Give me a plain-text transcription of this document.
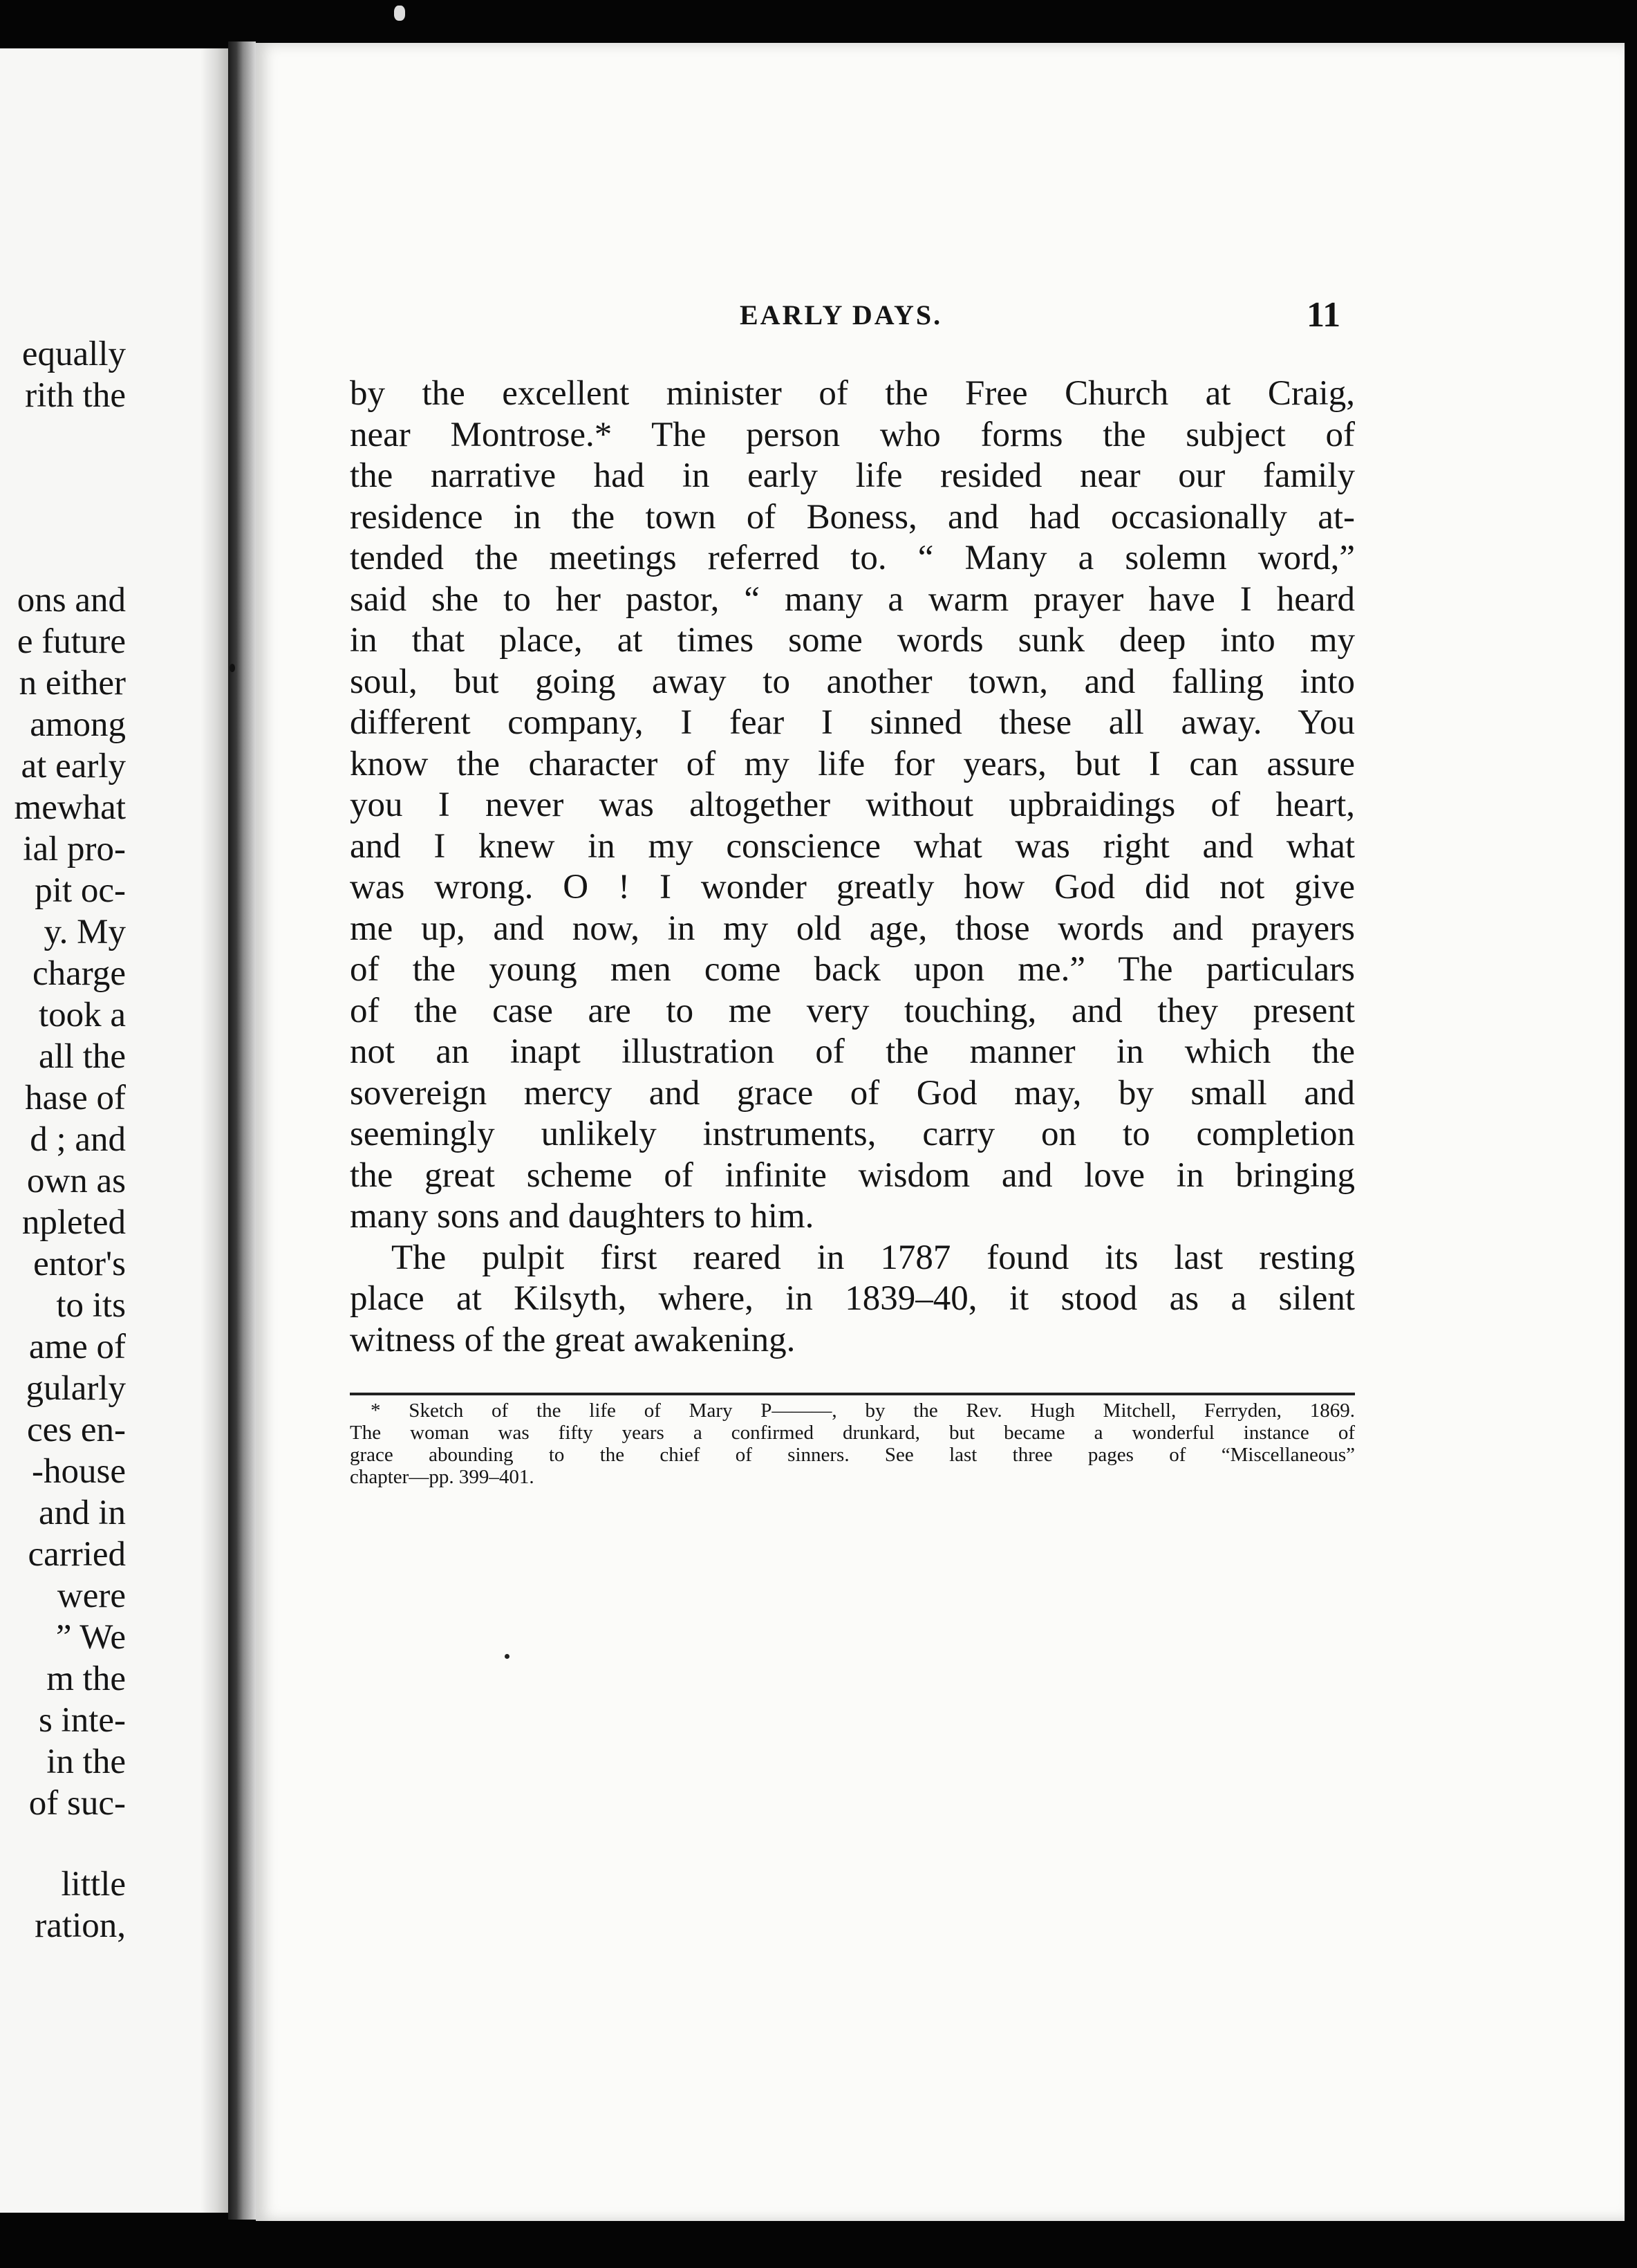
equally
rith the
ons and
e future
n either
among
at early
mewhat
ial pro-
pit oc-
y. My
charge
took a
all the
hase of
d ; and
own as
npleted
entor's
to its
ame of
gularly
ces en-
-house
and in
carried
were
” We
m the
s inte-
in the
of suc-
little
ration,
EARLY DAYS.	11
by the excellent minister of the Free Church at Craig,
near Montrose.* The person who forms the subject of
the narrative had in early life resided near our family
residence in the town of Boness, and had occasionally at-
tended the meetings referred to. “ Many a solemn word,”
said she to her pastor, “ many a warm prayer have I heard
in that place, at times some words sunk deep into my
soul, but going away to another town, and falling into
different company, I fear I sinned these all away. You
know the character of my life for years, but I can assure
you I never was altogether without upbraidings of heart,
and I knew in my conscience what was right and what
was wrong. O ! I wonder greatly how God did not give
me up, and now, in my old age, those words and prayers
of the young men come back upon me.” The particulars
of the case are to me very touching, and they present
not an inapt illustration of the manner in which the
sovereign mercy and grace of God may, by small and
seemingly unlikely instruments, carry on to completion
the great scheme of infinite wisdom and love in bringing
many sons and daughters to him.
The pulpit first reared in 1787 found its last resting
place at Kilsyth, where, in 1839–40, it stood as a silent
witness of the great awakening.
* Sketch of the life of Mary P———, by the Rev. Hugh Mitchell, Ferryden, 1869.
The woman was fifty years a confirmed drunkard, but became a wonderful instance of
grace abounding to the chief of sinners. See last three pages of “Miscellaneous”
chapter—pp. 399–401.
